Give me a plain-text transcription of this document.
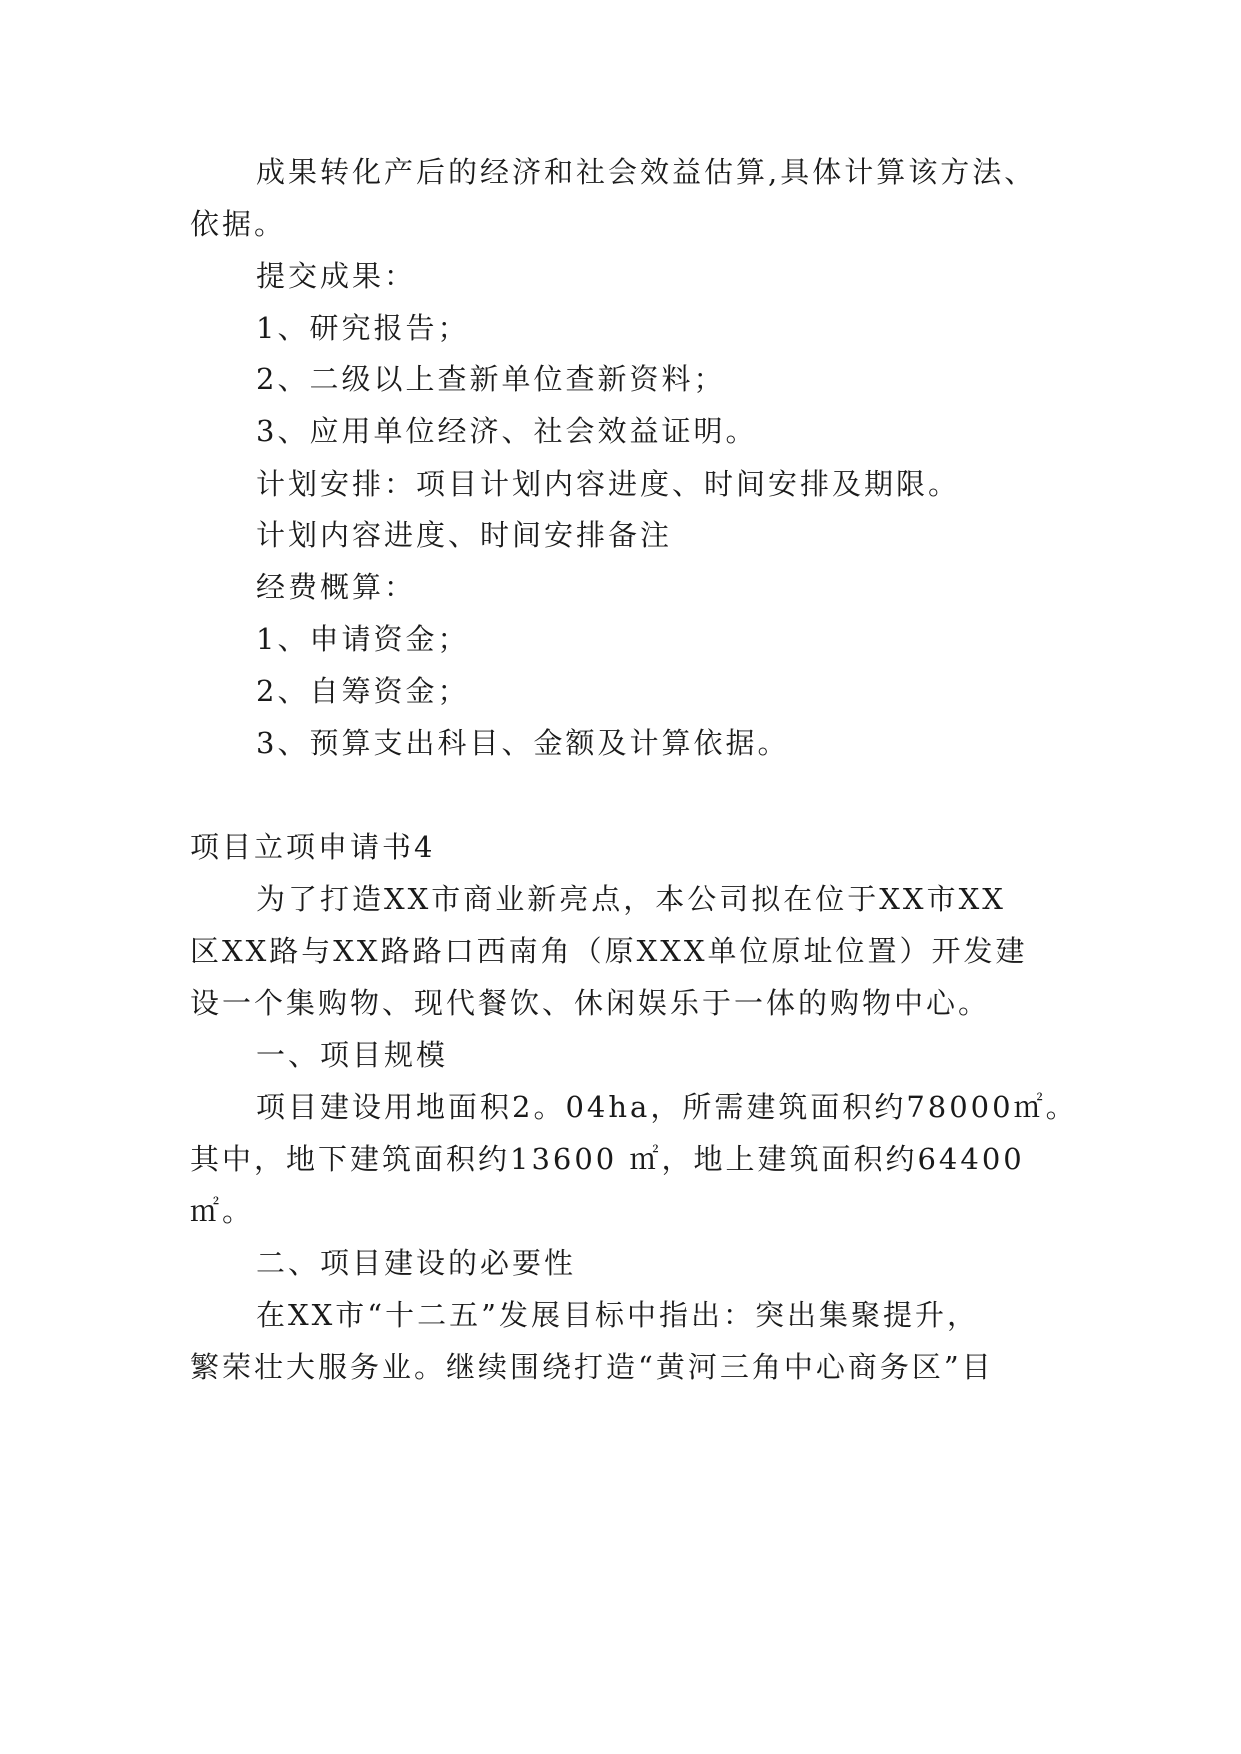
成果转化产后的经济和社会效益估算,具体计算该方法、
依据。
提交成果：
1、研究报告；
2、二级以上查新单位查新资料；
3、应用单位经济、社会效益证明。
计划安排：项目计划内容进度、时间安排及期限。
计划内容进度、时间安排备注
经费概算：
1、申请资金；
2、自筹资金；
3、预算支出科目、金额及计算依据。
项目立项申请书4
为了打造XX市商业新亮点，本公司拟在位于XX市XX
区XX路与XX路路口西南角（原XXX单位原址位置）开发建
设一个集购物、现代餐饮、休闲娱乐于一体的购物中心。
一、项目规模
项目建设用地面积2。04ha，所需建筑面积约78000㎡。
其中，地下建筑面积约13600 ㎡，地上建筑面积约64400
㎡。
二、项目建设的必要性
在XX市“十二五”发展目标中指出：突出集聚提升，
繁荣壮大服务业。继续围绕打造“黄河三角中心商务区”目
